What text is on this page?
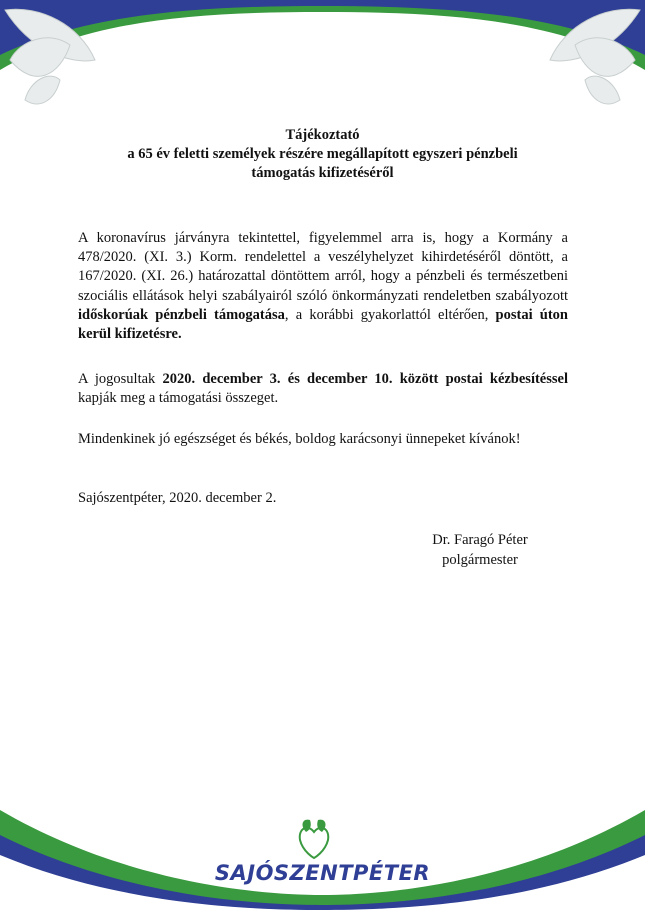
Tájékoztató
a 65 év feletti személyek részére megállapított egyszeri pénzbeli
támogatás kifizetéséről
A koronavírus járványra tekintettel, figyelemmel arra is, hogy a Kormány a 478/2020. (XI. 3.) Korm. rendelettel a veszélyhelyzet kihirdetéséről döntött, a 167/2020. (XI. 26.) határozattal döntöttem arról, hogy a pénzbeli és természetbeni szociális ellátások helyi szabályairól szóló önkormányzati rendeletben szabályozott időskorúak pénzbeli támogatása, a korábbi gyakorlattól eltérően, postai úton kerül kifizetésre.
A jogosultak 2020. december 3. és december 10. között postai kézbesítéssel kapják meg a támogatási összeget.
Mindenkinek jó egészséget és békés, boldog karácsonyi ünnepeket kívánok!
Sajószentpéter, 2020. december 2.
Dr. Faragó Péter
polgármester
SAJÓSZENTPÉTER
